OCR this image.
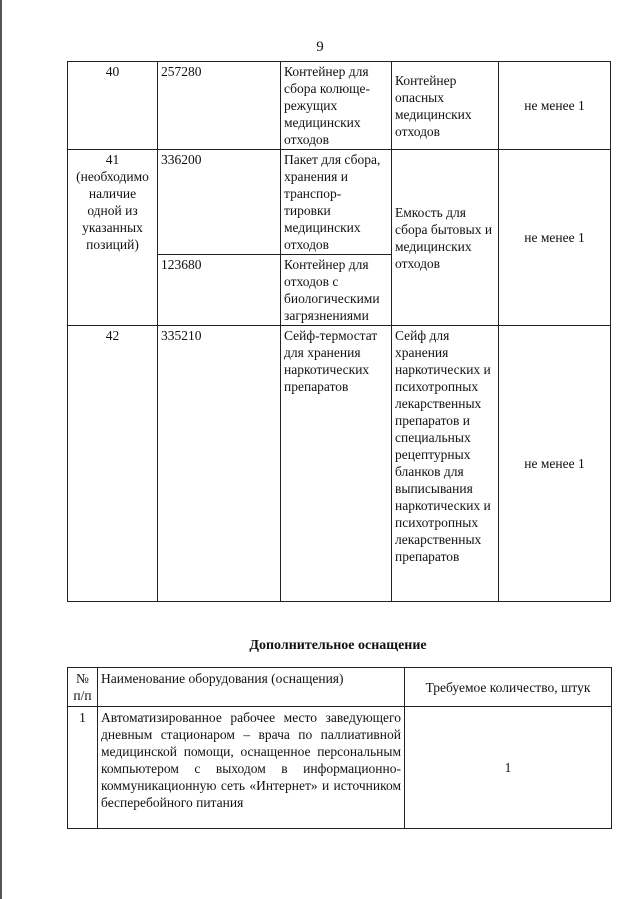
9
40	257280	Контейнер для сбора колюще-режущих медицинских отходов	Контейнер опасных медицинских отходов	не менее 1
41 (необходимо наличие одной из указанных позиций)	336200	Пакет для сбора, хранения и транспор-тировки медицинских отходов	Емкость для сбора бытовых и медицинских отходов	не менее 1
	123680	Контейнер для отходов с биологическими загрязнениями		
42	335210	Сейф-термостат для хранения наркотических препаратов	Сейф для хранения наркотических и психотропных лекарственных препаратов и специальных рецептурных бланков для выписывания наркотических и психотропных лекарственных препаратов	не менее 1
Дополнительное оснащение
№ п/п	Наименование оборудования (оснащения)	Требуемое количество, штук
1	Автоматизированное рабочее место заведующего дневным стационаром – врача по паллиативной медицинской помощи, оснащенное персональным компьютером с выходом в информационно-коммуникационную сеть «Интернет» и источником бесперебойного питания	1
